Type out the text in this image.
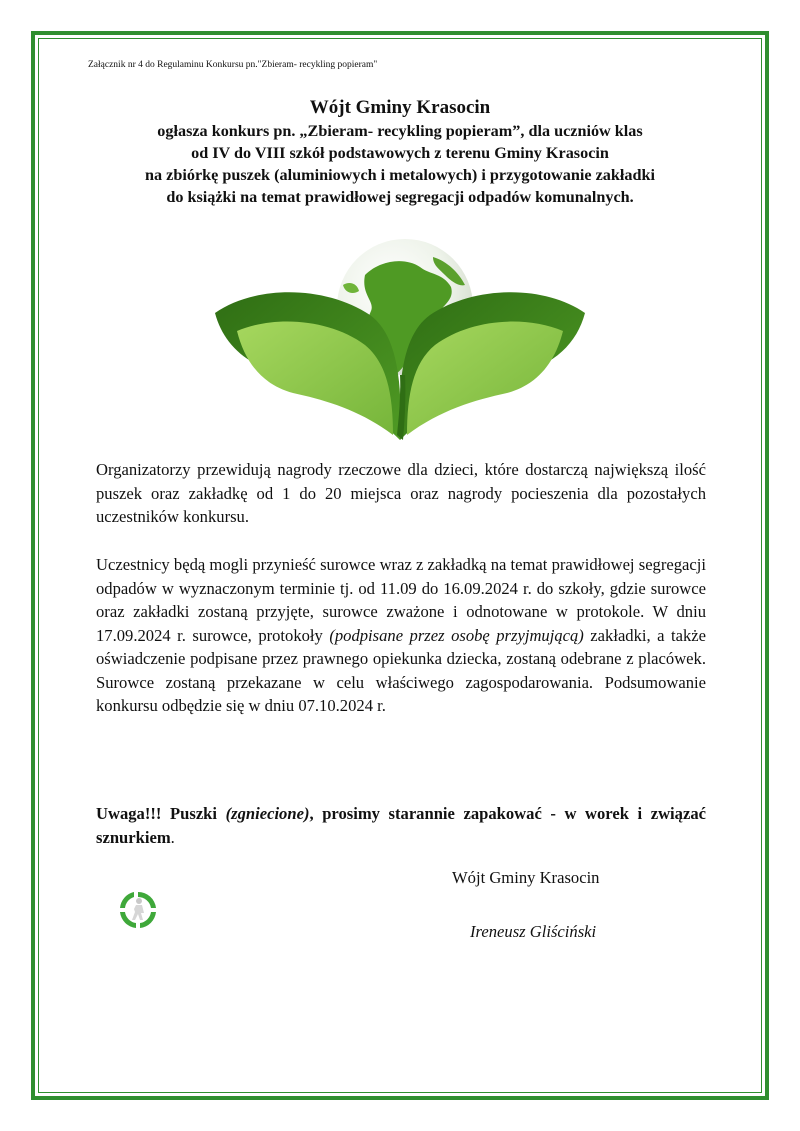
Załącznik nr 4 do Regulaminu Konkursu pn."Zbieram- recykling popieram"
Wójt Gminy Krasocin
ogłasza konkurs pn. „Zbieram- recykling popieram”, dla uczniów klas
od IV do VIII szkół podstawowych z terenu Gminy Krasocin
na zbiórkę puszek (aluminiowych i metalowych) i przygotowanie zakładki
do książki na temat prawidłowej segregacji odpadów komunalnych.
Organizatorzy przewidują nagrody rzeczowe dla dzieci, które dostarczą największą ilość puszek oraz zakładkę od 1 do 20 miejsca oraz nagrody pocieszenia dla pozostałych uczestników konkursu.
Uczestnicy będą mogli przynieść surowce wraz z zakładką na temat prawidłowej segregacji odpadów w wyznaczonym terminie tj. od 11.09 do 16.09.2024 r. do szkoły, gdzie surowce oraz zakładki zostaną przyjęte, surowce zważone i odnotowane w protokole. W dniu 17.09.2024 r. surowce, protokoły (podpisane przez osobę przyjmującą) zakładki, a także oświadczenie podpisane przez prawnego opiekunka dziecka, zostaną odebrane z placówek. Surowce zostaną przekazane w celu właściwego zagospodarowania. Podsumowanie konkursu odbędzie się w dniu 07.10.2024 r.
Uwaga!!! Puszki (zgniecione), prosimy starannie zapakować - w worek i związać sznurkiem.
Wójt Gminy Krasocin
Ireneusz Gliściński
